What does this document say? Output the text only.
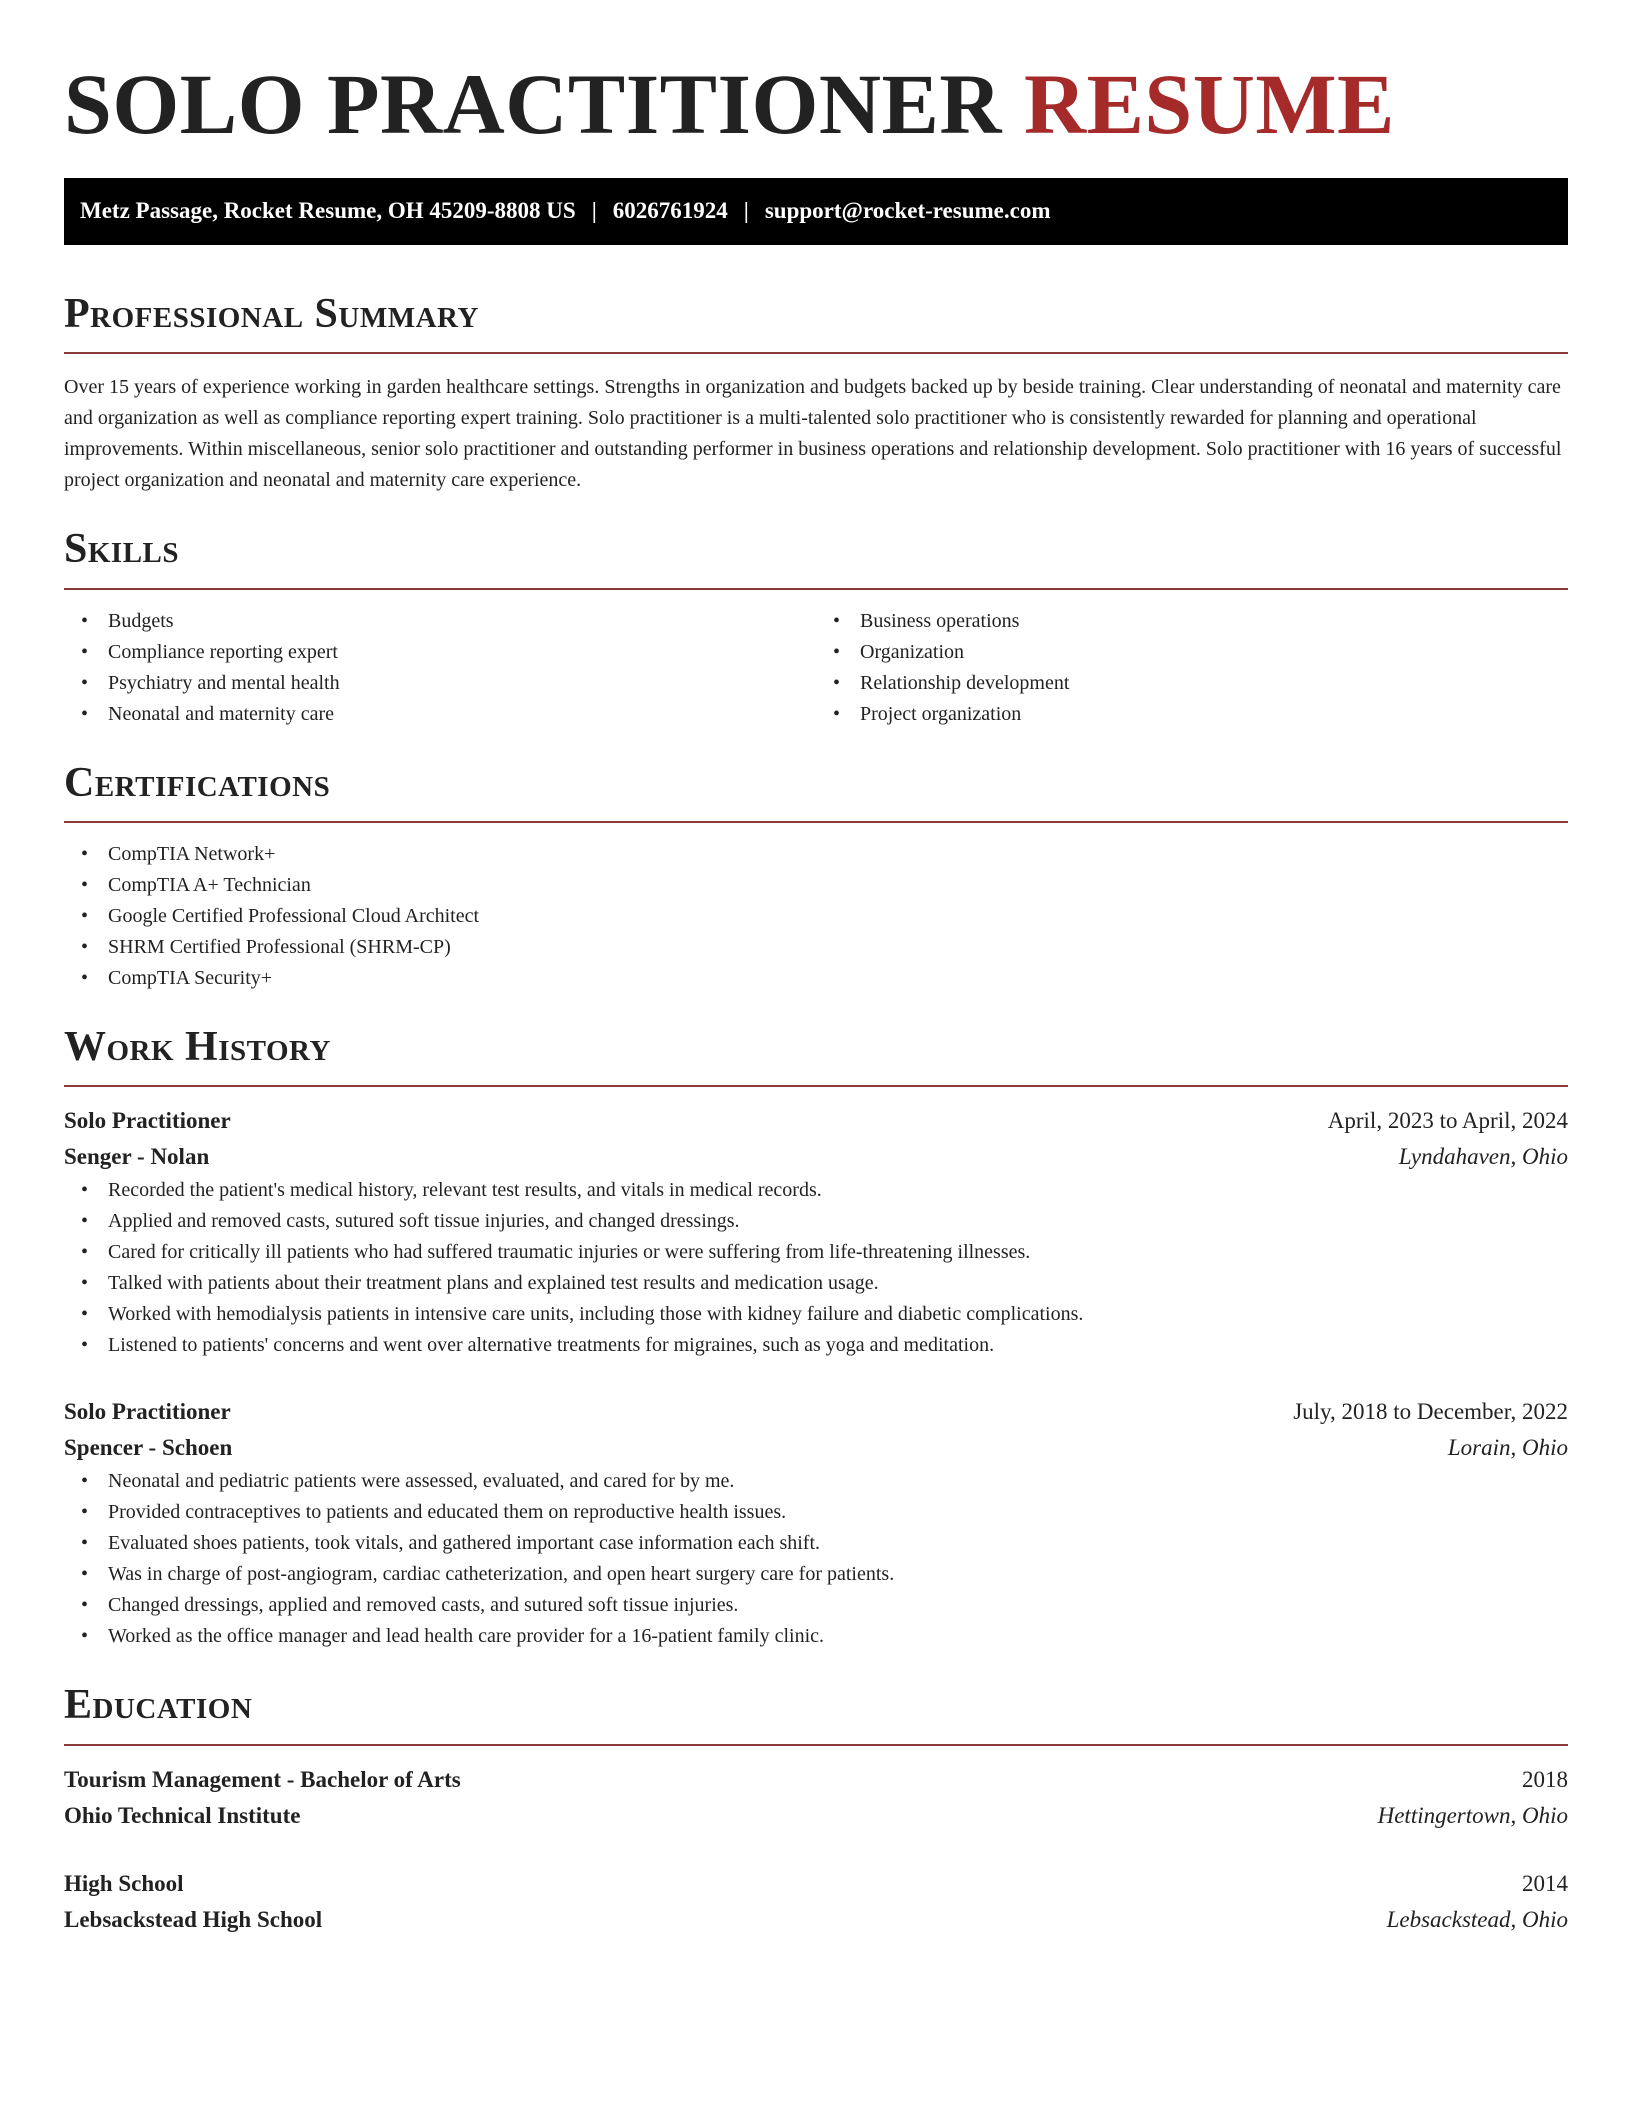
SOLO PRACTITIONER RESUME
Metz Passage, Rocket Resume, OH 45209-8808 US | 6026761924 | support@rocket-resume.com
Professional Summary

Over 15 years of experience working in garden healthcare settings. Strengths in organization and budgets backed up by beside training. Clear understanding of neonatal and maternity care and organization as well as compliance reporting expert training. Solo practitioner is a multi-talented solo practitioner who is consistently rewarded for planning and operational improvements. Within miscellaneous, senior solo practitioner and outstanding performer in business operations and relationship development. Solo practitioner with 16 years of successful project organization and neonatal and maternity care experience.

Skills
• Budgets
• Compliance reporting expert
• Psychiatry and mental health
• Neonatal and maternity care
• Business operations
• Organization
• Relationship development
• Project organization
Certifications
• CompTIA Network+
• CompTIA A+ Technician
• Google Certified Professional Cloud Architect
• SHRM Certified Professional (SHRM-CP)
• CompTIA Security+
Work History
Solo Practitioner	April, 2023 to April, 2024
Senger - Nolan	Lyndahaven, Ohio
• Recorded the patient's medical history, relevant test results, and vitals in medical records.
• Applied and removed casts, sutured soft tissue injuries, and changed dressings.
• Cared for critically ill patients who had suffered traumatic injuries or were suffering from life-threatening illnesses.
• Talked with patients about their treatment plans and explained test results and medication usage.
• Worked with hemodialysis patients in intensive care units, including those with kidney failure and diabetic complications.
• Listened to patients' concerns and went over alternative treatments for migraines, such as yoga and meditation.
Solo Practitioner	July, 2018 to December, 2022
Spencer - Schoen	Lorain, Ohio
• Neonatal and pediatric patients were assessed, evaluated, and cared for by me.
• Provided contraceptives to patients and educated them on reproductive health issues.
• Evaluated shoes patients, took vitals, and gathered important case information each shift.
• Was in charge of post-angiogram, cardiac catheterization, and open heart surgery care for patients.
• Changed dressings, applied and removed casts, and sutured soft tissue injuries.
• Worked as the office manager and lead health care provider for a 16-patient family clinic.
Education
Tourism Management - Bachelor of Arts	2018
Ohio Technical Institute	Hettingertown, Ohio
High School	2014
Lebsackstead High School	Lebsackstead, Ohio
